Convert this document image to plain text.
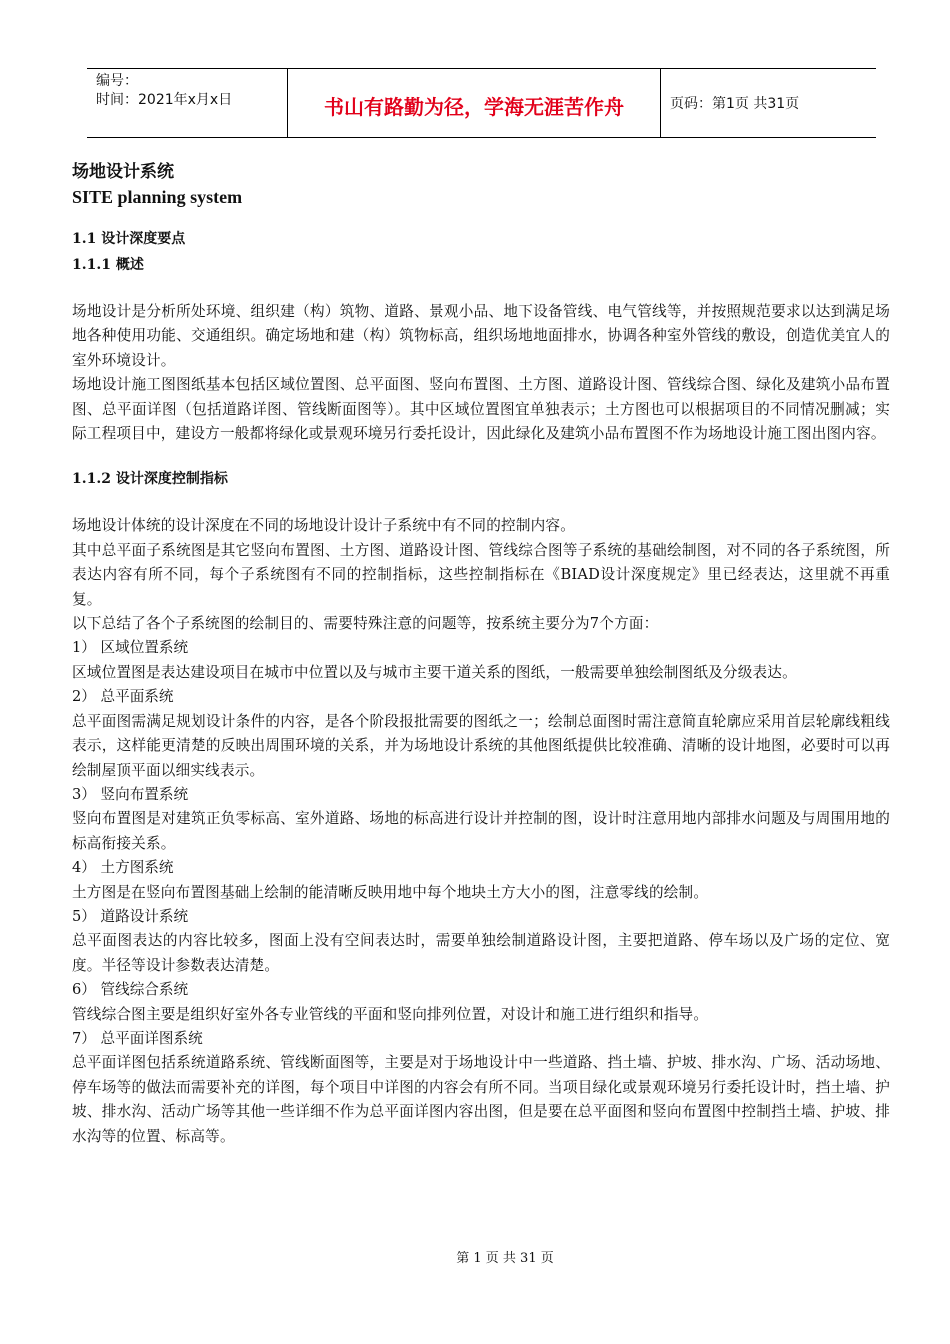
编号：
时间：2021年x月x日	书山有路勤为径，学海无涯苦作舟	页码：第1页 共31页

场地设计系统

SITE planning system

1.1 设计深度要点

1.1.1 概述

场地设计是分析所处环境、组织建（构）筑物、道路、景观小品、地下设备管线、电气管线等，并按照规范要求以达到满足场地各种使用功能、交通组织。确定场地和建（构）筑物标高，组织场地地面排水，协调各种室外管线的敷设，创造优美宜人的室外环境设计。

场地设计施工图图纸基本包括区域位置图、总平面图、竖向布置图、土方图、道路设计图、管线综合图、绿化及建筑小品布置图、总平面详图（包括道路详图、管线断面图等）。其中区域位置图宜单独表示；土方图也可以根据项目的不同情况删减；实际工程项目中，建设方一般都将绿化或景观环境另行委托设计，因此绿化及建筑小品布置图不作为场地设计施工图出图内容。

1.1.2 设计深度控制指标

场地设计体统的设计深度在不同的场地设计设计子系统中有不同的控制内容。

其中总平面子系统图是其它竖向布置图、土方图、道路设计图、管线综合图等子系统的基础绘制图，对不同的各子系统图，所表达内容有所不同，每个子系统图有不同的控制指标，这些控制指标在《BIAD设计深度规定》里已经表达，这里就不再重复。

以下总结了各个子系统图的绘制目的、需要特殊注意的问题等，按系统主要分为7个方面：

1） 区域位置系统

区域位置图是表达建设项目在城市中位置以及与城市主要干道关系的图纸，一般需要单独绘制图纸及分级表达。

2） 总平面系统

总平面图需满足规划设计条件的内容，是各个阶段报批需要的图纸之一；绘制总面图时需注意简直轮廓应采用首层轮廓线粗线表示，这样能更清楚的反映出周围环境的关系，并为场地设计系统的其他图纸提供比较准确、清晰的设计地图，必要时可以再绘制屋顶平面以细实线表示。

3） 竖向布置系统

竖向布置图是对建筑正负零标高、室外道路、场地的标高进行设计并控制的图，设计时注意用地内部排水问题及与周围用地的标高衔接关系。

4） 土方图系统

土方图是在竖向布置图基础上绘制的能清晰反映用地中每个地块土方大小的图，注意零线的绘制。

5） 道路设计系统

总平面图表达的内容比较多，图面上没有空间表达时，需要单独绘制道路设计图，主要把道路、停车场以及广场的定位、宽度。半径等设计参数表达清楚。

6） 管线综合系统

管线综合图主要是组织好室外各专业管线的平面和竖向排列位置，对设计和施工进行组织和指导。

7） 总平面详图系统

总平面详图包括系统道路系统、管线断面图等，主要是对于场地设计中一些道路、挡土墙、护坡、排水沟、广场、活动场地、停车场等的做法而需要补充的详图，每个项目中详图的内容会有所不同。当项目绿化或景观环境另行委托设计时，挡土墙、护坡、排水沟、活动广场等其他一些详细不作为总平面详图内容出图，但是要在总平面图和竖向布置图中控制挡土墙、护坡、排水沟等的位置、标高等。

第 1 页 共 31 页
